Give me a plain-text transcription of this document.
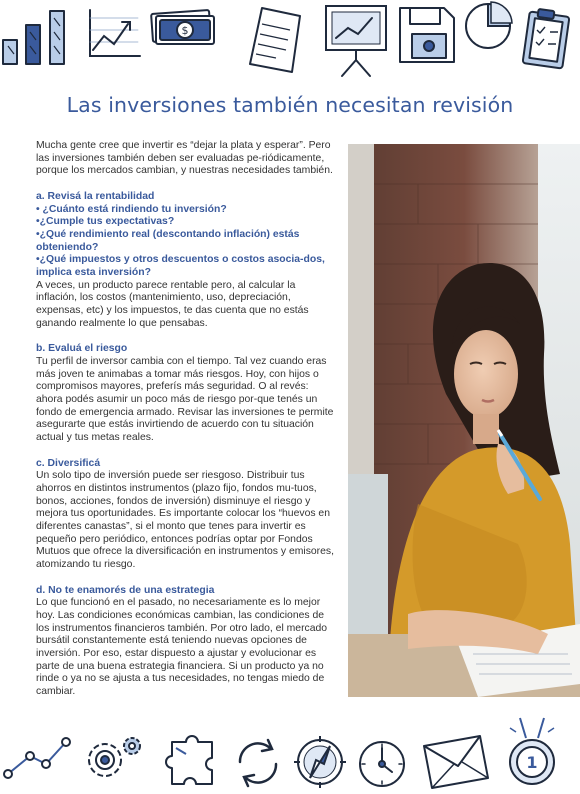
$
Las inversiones también necesitan revisión

Mucha gente cree que invertir es “dejar la plata y esperar”. Pero las inversiones también deben ser evaluadas pe-riódicamente, porque los mercados cambian, y nuestras necesidades también.

a. Revisá la rentabilidad

• ¿Cuánto está rindiendo tu inversión?

•¿Cumple tus expectativas?

•¿Qué rendimiento real (descontando inflación) estás obteniendo?

•¿Qué impuestos y otros descuentos o costos asocia-dos, implica esta inversión?

A veces, un producto parece rentable pero, al calcular la inflación, los costos (mantenimiento, uso, depreciación, expensas, etc) y los impuestos, te das cuenta que no estás ganando realmente lo que pensabas.

b. Evaluá el riesgo

Tu perfil de inversor cambia con el tiempo. Tal vez cuando eras más joven te animabas a tomar más riesgos. Hoy, con hijos o compromisos mayores, preferís más seguridad. O al revés: ahora podés asumir un poco más de riesgo por-que tenés un fondo de emergencia armado. Revisar las inversiones te permite asegurarte que estás invirtiendo de acuerdo con tu situación actual y tus metas reales.

c. Diversificá

Un solo tipo de inversión puede ser riesgoso. Distribuir tus ahorros en distintos instrumentos (plazo fijo, fondos mu-tuos, bonos, acciones, fondos de inversión) disminuye el riesgo y mejora tus oportunidades. Es importante colocar los “huevos en diferentes canastas”, si el monto que tenes para invertir es pequeño pero periódico, entonces podrías optar por Fondos Mutuos que ofrece la diversificación en instrumentos y emisores, atomizando tu riesgo.

d. No te enamorés de una estrategia

Lo que funcionó en el pasado, no necesariamente es lo mejor hoy. Las condiciones económicas cambian, las condiciones de los instrumentos financieros también. Por otro lado, el mercado bursátil constantemente está teniendo nuevas opciones de inversión. Por eso, estar dispuesto a ajustar y evolucionar es parte de una buena estrategia financiera. Si un producto ya no rinde o ya no se ajusta a tus necesidades, no tengas miedo de cambiar.

1
